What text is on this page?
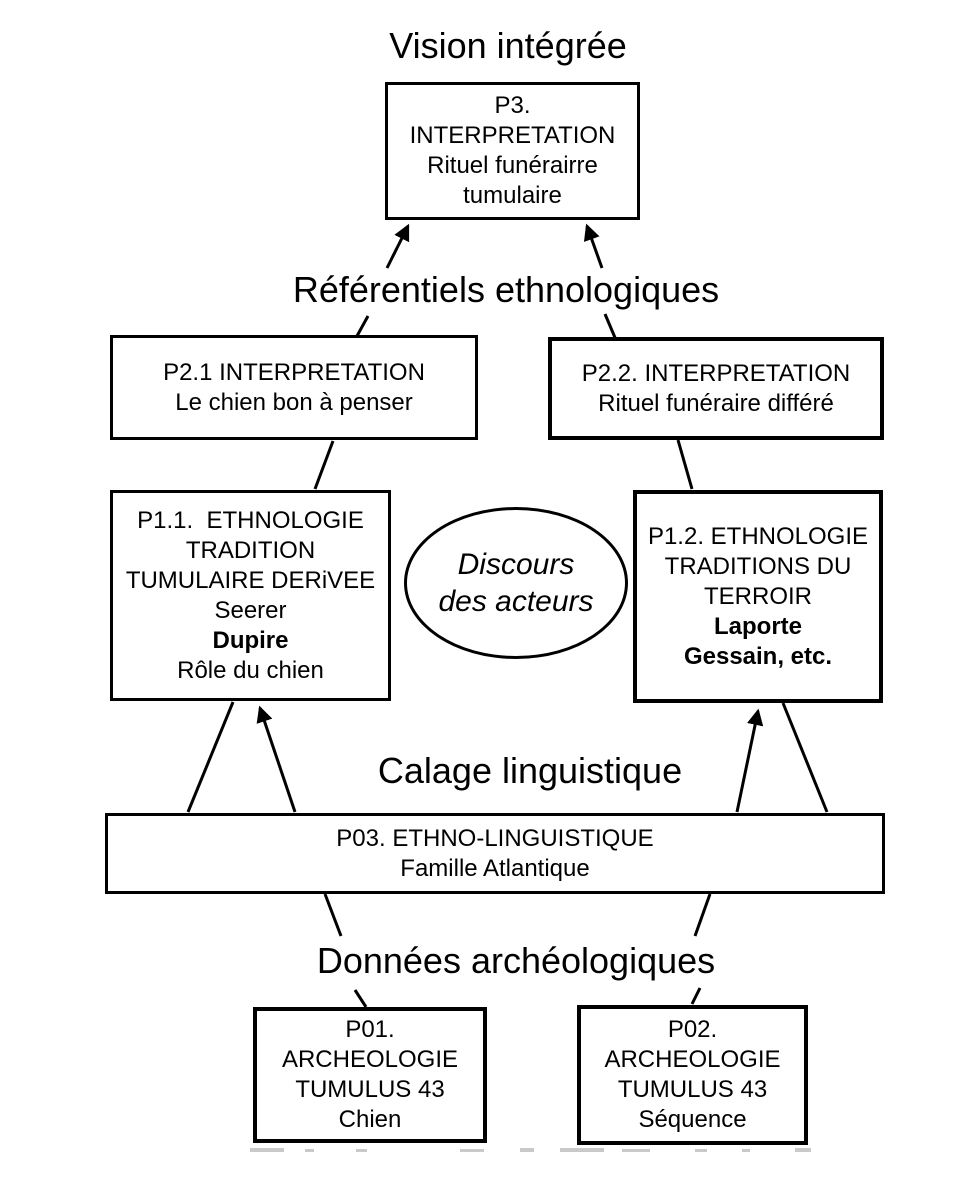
Vision intégrée
Référentiels ethnologiques
Calage linguistique
Données archéologiques
P3.
INTERPRETATION
Rituel funérairre
tumulaire
P2.1 INTERPRETATION
Le chien bon à penser
P2.2. INTERPRETATION
Rituel funéraire différé
P1.1.  ETHNOLOGIE
TRADITION
TUMULAIRE DERiVEE
Seerer
Dupire
Rôle du chien
Discours
des acteurs
P1.2. ETHNOLOGIE
TRADITIONS DU
TERROIR
Laporte
Gessain, etc.
P03. ETHNO-LINGUISTIQUE
Famille Atlantique
P01.
ARCHEOLOGIE
TUMULUS 43
Chien
P02.
ARCHEOLOGIE
TUMULUS 43
Séquence
